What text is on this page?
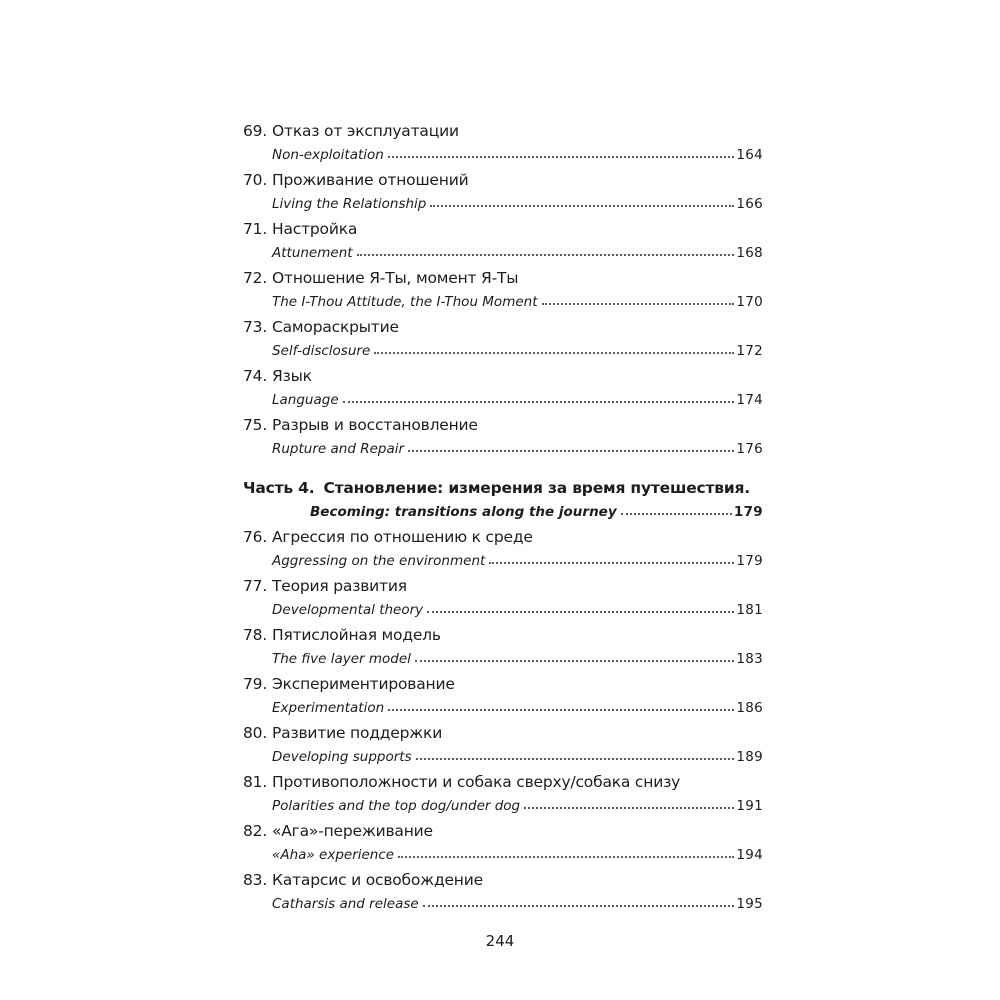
69. Отказ от эксплуатации
Non-exploitation	164
70. Проживание отношений
Living the Relationship	166
71. Настройка
Attunement	168
72. Отношение Я-Ты, момент Я-Ты
The I-Thou Attitude, the I-Thou Moment	170
73. Самораскрытие
Self-disclosure	172
74. Язык
Language	174
75. Разрыв и восстановление
Rupture and Repair	176
Часть 4. Становление: измерения за время путешествия.
Becoming: transitions along the journey	179
76. Агрессия по отношению к среде
Aggressing on the environment	179
77. Теория развития
Developmental theory	181
78. Пятислойная модель
The five layer model	183
79. Экспериментирование
Experimentation	186
80. Развитие поддержки
Developing supports	189
81. Противоположности и собака сверху/собака снизу
Polarities and the top dog/under dog	191
82. «Ага»-переживание
«Aha» experience	194
83. Катарсис и освобождение
Catharsis and release	195
244
